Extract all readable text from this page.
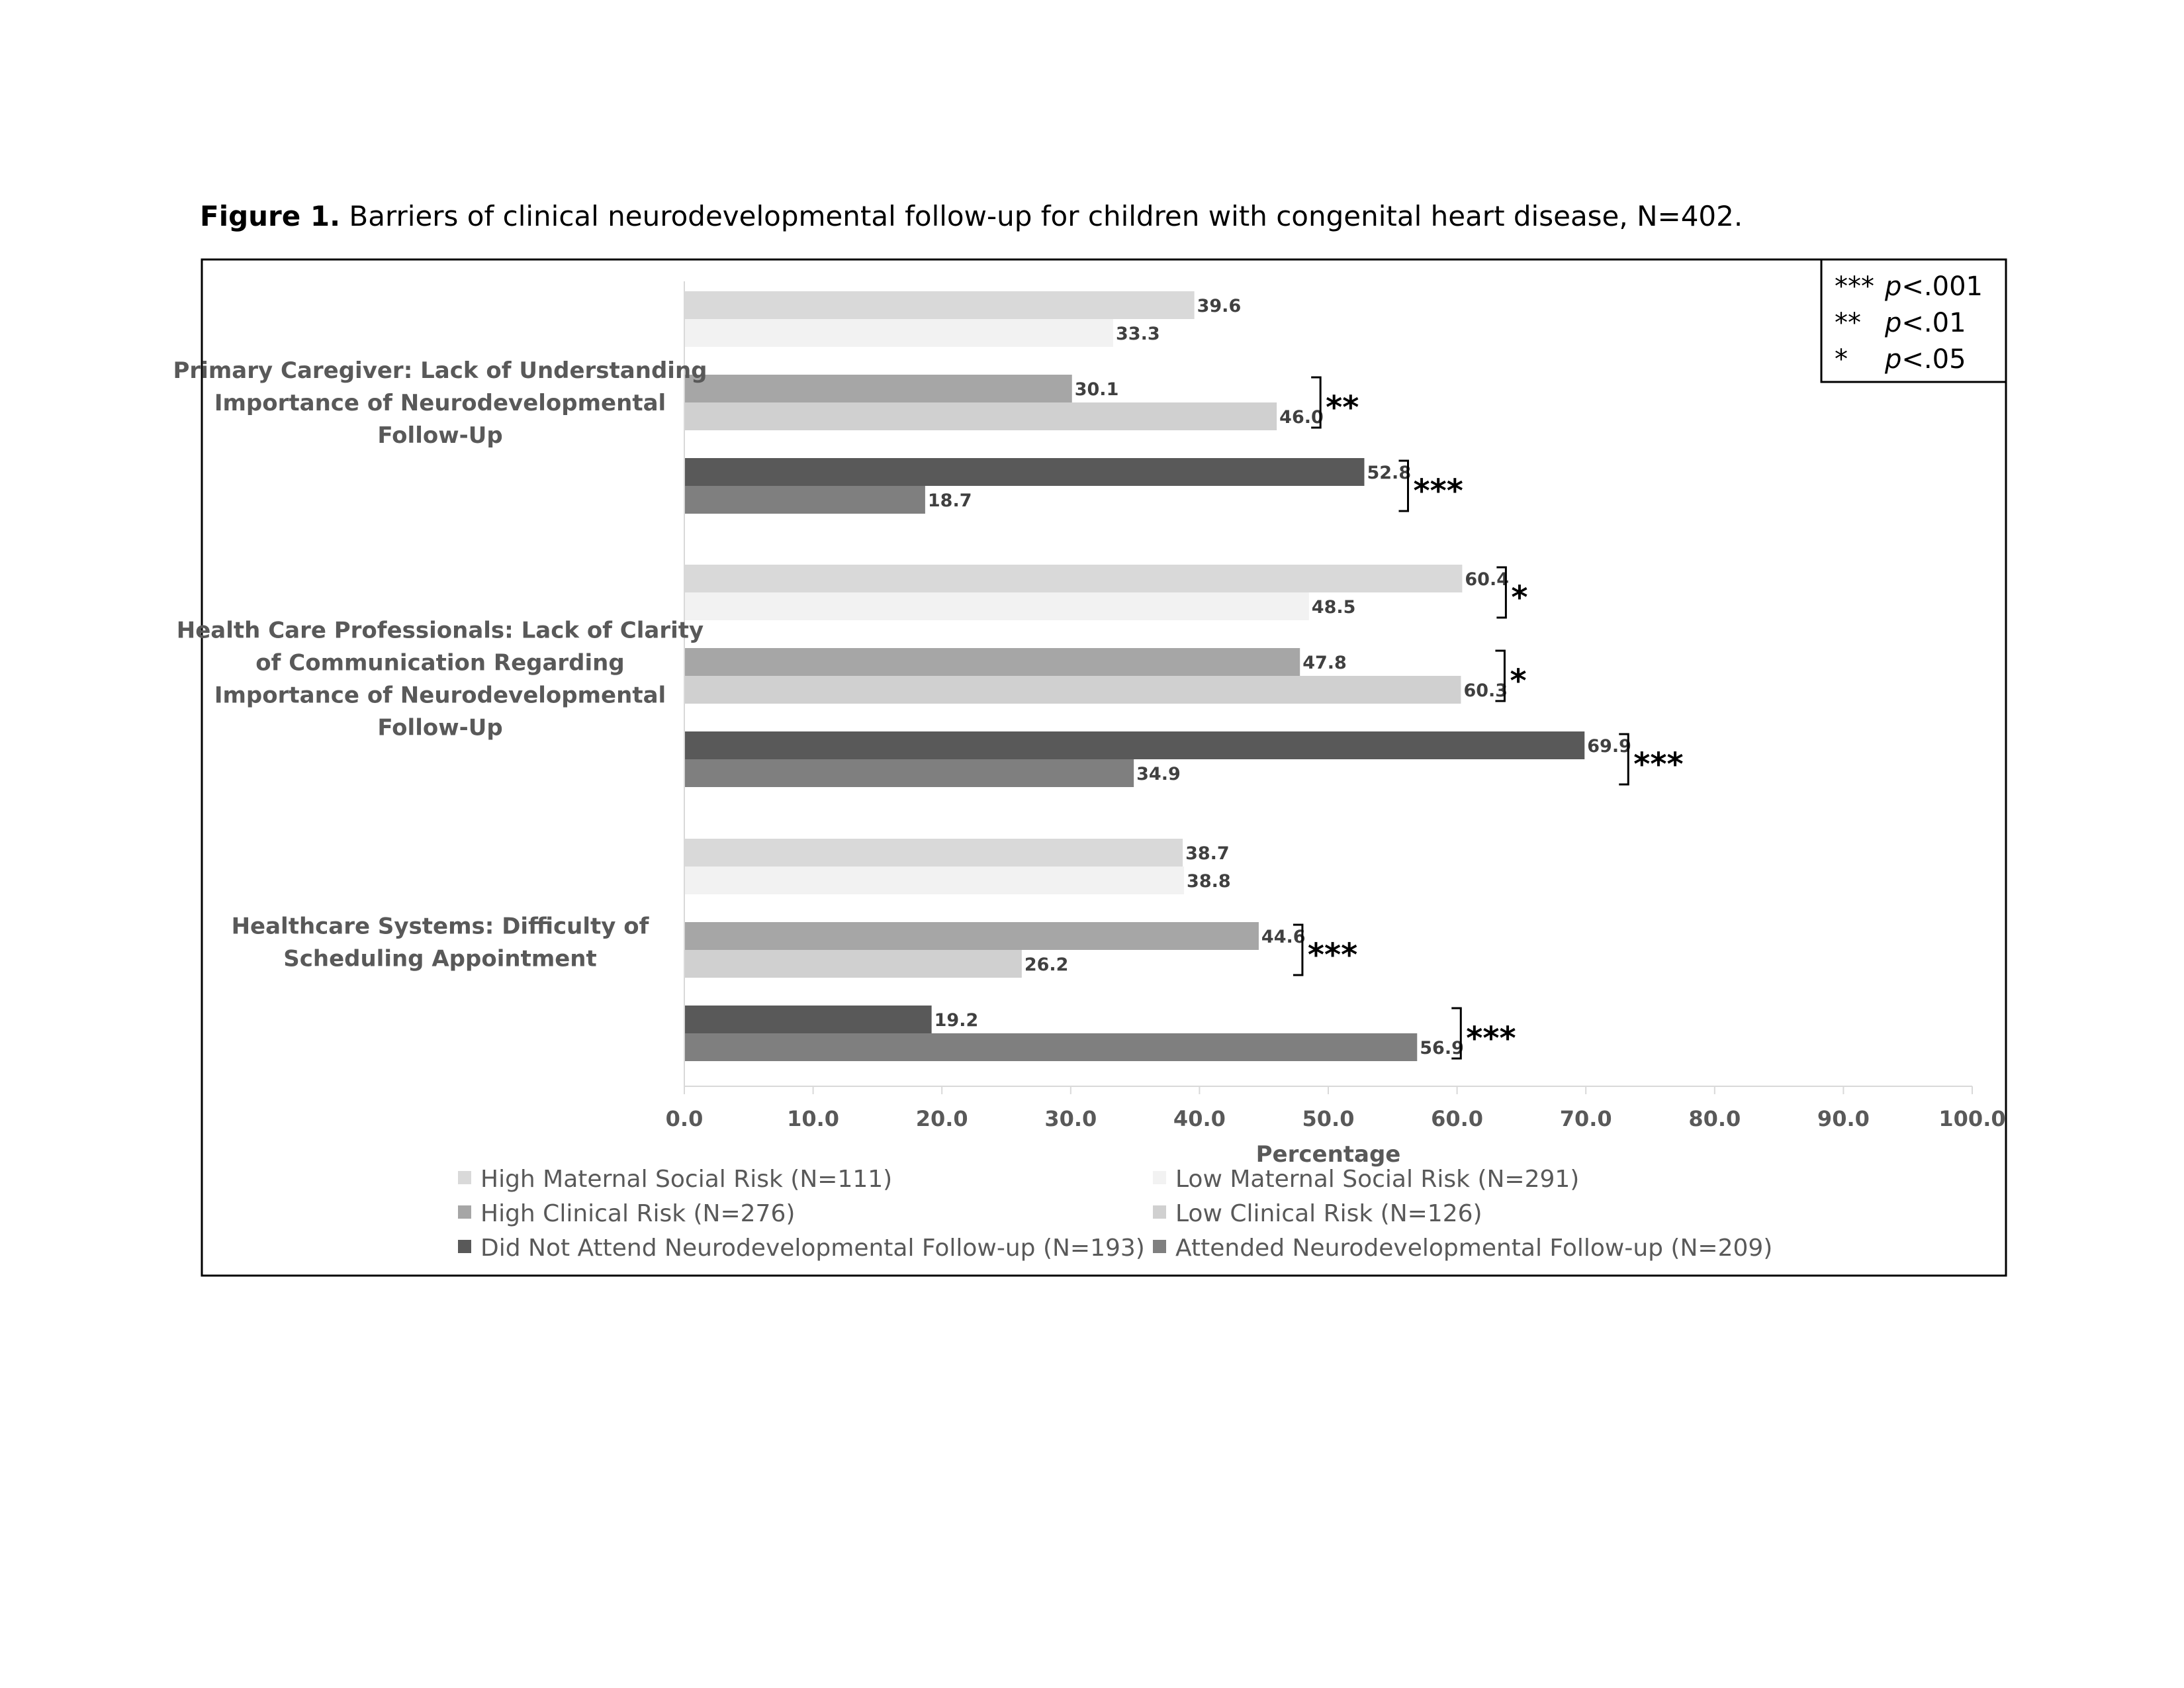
Figure 1. Barriers of clinical neurodevelopmental follow-up for children with congenital heart disease, N=402.
39.6
33.3
30.1
46.0
52.8
18.7
60.4
48.5
47.8
60.3
69.9
34.9
38.7
38.8
44.6
26.2
19.2
56.9
0.0	10.0	20.0	30.0	40.0	50.0	60.0	70.0	80.0	90.0	100.0
Percentage
Primary Caregiver: Lack of Understanding
Importance of Neurodevelopmental
Follow-Up
Health Care Professionals: Lack of Clarity
of Communication Regarding
Importance of Neurodevelopmental
Follow-Up
Healthcare Systems: Difficulty of
Scheduling Appointment
**
***
*
*
***
***
***
High Maternal Social Risk (N=111)	Low Maternal Social Risk (N=291)
High Clinical Risk (N=276)	Low Clinical Risk (N=126)
Did Not Attend Neurodevelopmental Follow-up (N=193) Attended Neurodevelopmental Follow-up (N=209)
*** p<.001
** p<.01
* p<.05
